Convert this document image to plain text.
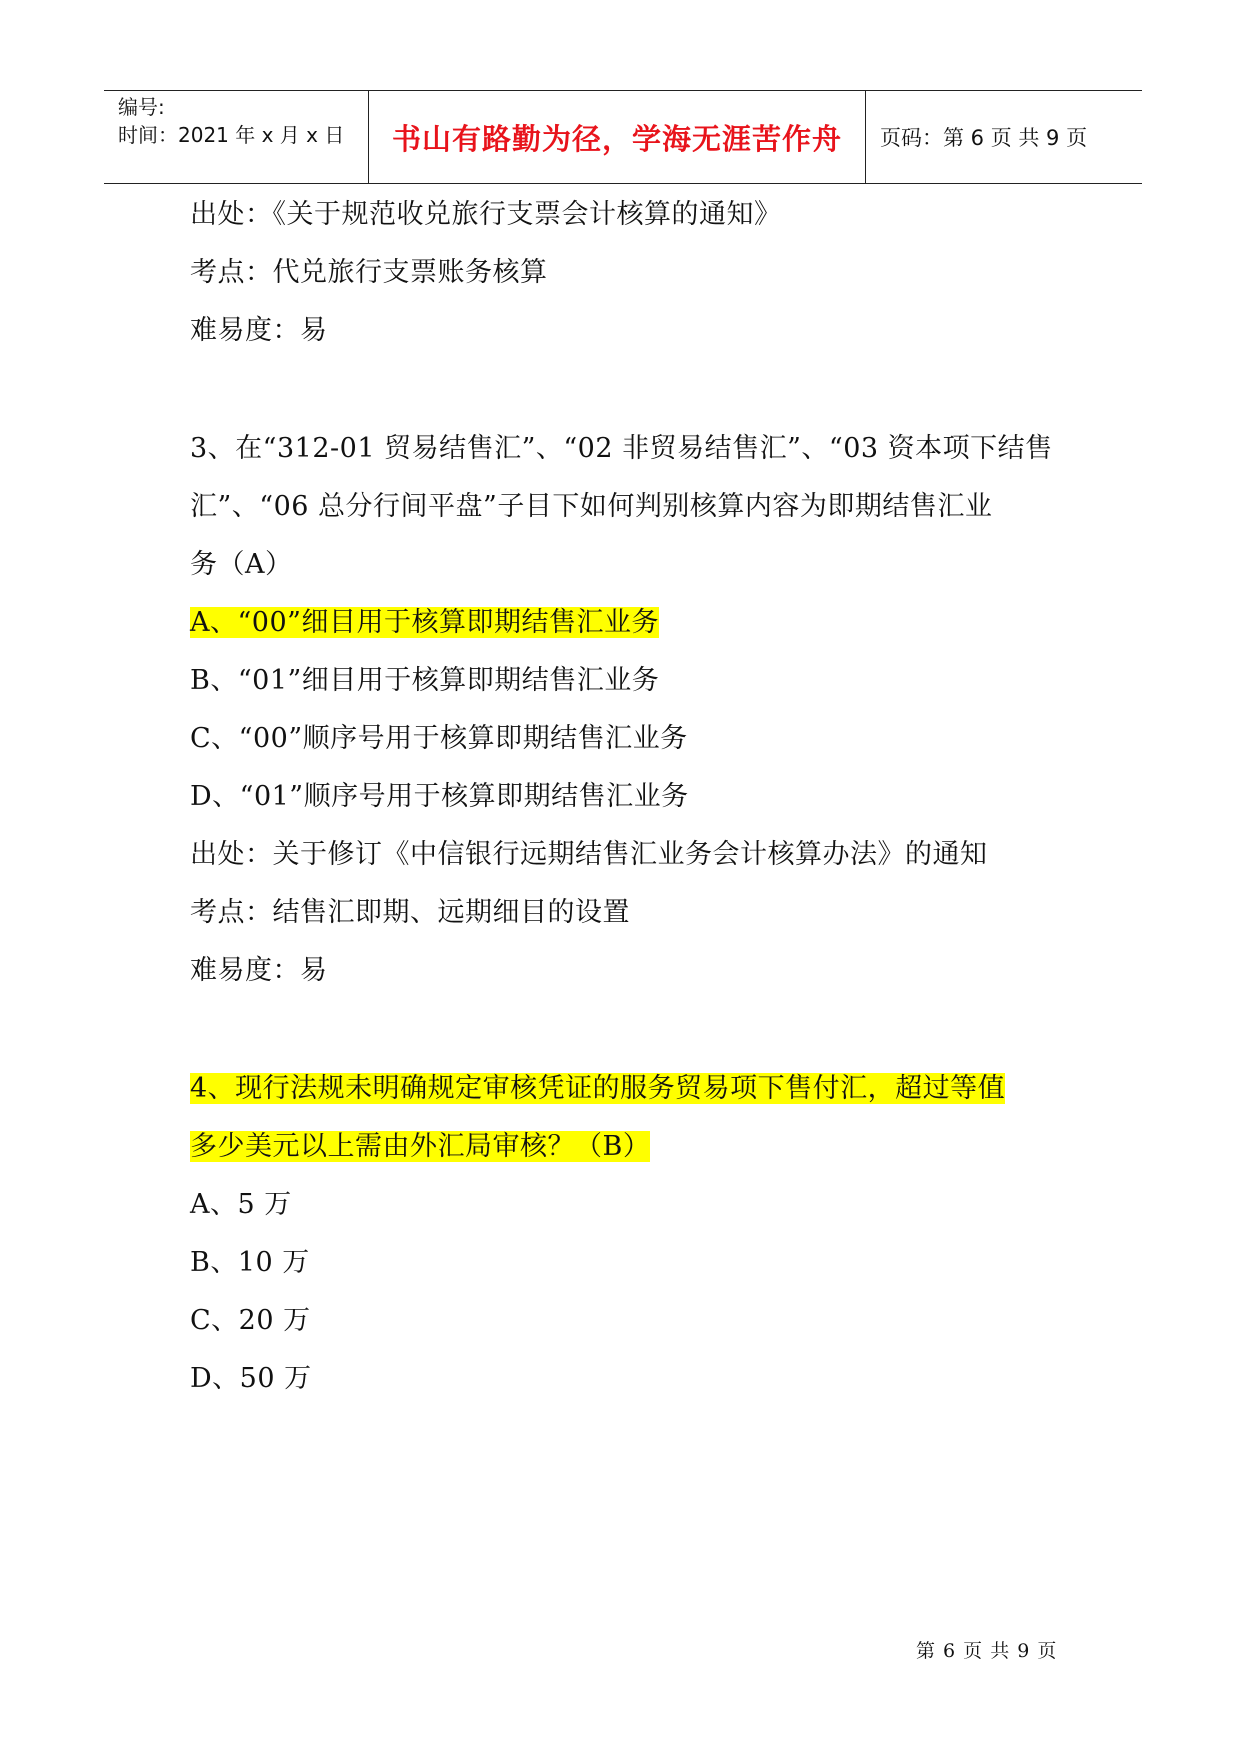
编号:
时间：2021 年 x 月 x 日	书山有路勤为径，学海无涯苦作舟	页码：第 6 页 共 9 页
出处：《关于规范收兑旅行支票会计核算的通知》
考点：代兑旅行支票账务核算
难易度：易
3、在“312-01 贸易结售汇”、“02 非贸易结售汇”、“03 资本项下结售
汇”、“06 总分行间平盘”子目下如何判别核算内容为即期结售汇业
务（A）
A、“00”细目用于核算即期结售汇业务
B、“01”细目用于核算即期结售汇业务
C、“00”顺序号用于核算即期结售汇业务
D、“01”顺序号用于核算即期结售汇业务
出处：关于修订《中信银行远期结售汇业务会计核算办法》的通知
考点：结售汇即期、远期细目的设置
难易度：易
4、现行法规未明确规定审核凭证的服务贸易项下售付汇，超过等值
多少美元以上需由外汇局审核？（B）
A、5 万
B、10 万
C、20 万
D、50 万
第 6 页 共 9 页
